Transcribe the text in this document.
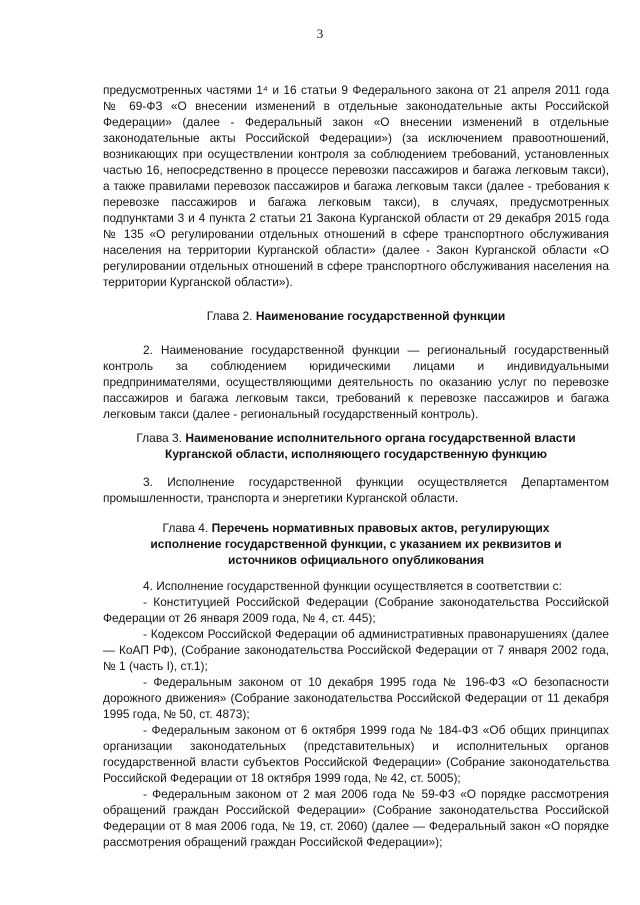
3

предусмотренных частями 1⁴ и 16 статьи 9 Федерального закона от 21 апреля 2011 года № 69-ФЗ «О внесении изменений в отдельные законодательные акты Российской Федерации» (далее - Федеральный закон «О внесении изменений в отдельные законодательные акты Российской Федерации») (за исключением правоотношений, возникающих при осуществлении контроля за соблюдением требований, установленных частью 16, непосредственно в процессе перевозки пассажиров и багажа легковым такси), а также правилами перевозок пассажиров и багажа легковым такси (далее - требования к перевозке пассажиров и багажа легковым такси), в случаях, предусмотренных подпунктами 3 и 4 пункта 2 статьи 21 Закона Курганской области от 29 декабря 2015 года № 135 «О регулировании отдельных отношений в сфере транспортного обслуживания населения на территории Курганской области» (далее - Закон Курганской области «О регулировании отдельных отношений в сфере транспортного обслуживания населения на территории Курганской области»).

Глава 2. Наименование государственной функции

2. Наименование государственной функции — региональный государственный контроль за соблюдением юридическими лицами и индивидуальными предпринимателями, осуществляющими деятельность по оказанию услуг по перевозке пассажиров и багажа легковым такси, требований к перевозке пассажиров и багажа легковым такси (далее - региональный государственный контроль).

Глава 3. Наименование исполнительного органа государственной власти
Курганской области, исполняющего государственную функцию

3. Исполнение государственной функции осуществляется Департаментом промышленности, транспорта и энергетики Курганской области.

Глава 4. Перечень нормативных правовых актов, регулирующих
исполнение государственной функции, с указанием их реквизитов и
источников официального опубликования

4. Исполнение государственной функции осуществляется в соответствии с:

- Конституцией Российской Федерации (Собрание законодательства Российской Федерации от 26 января 2009 года, № 4, ст. 445);

- Кодексом Российской Федерации об административных правонарушениях (далее — КоАП РФ), (Собрание законодательства Российской Федерации от 7 января 2002 года, № 1 (часть I), ст.1);

- Федеральным законом от 10 декабря 1995 года № 196-ФЗ «О безопасности дорожного движения» (Собрание законодательства Российской Федерации от 11 декабря 1995 года, № 50, ст. 4873);

- Федеральным законом от 6 октября 1999 года № 184-ФЗ «Об общих принципах организации законодательных (представительных) и исполнительных органов государственной власти субъектов Российской Федерации» (Собрание законодательства Российской Федерации от 18 октября 1999 года, № 42, ст. 5005);

- Федеральным законом от 2 мая 2006 года № 59-ФЗ «О порядке рассмотрения обращений граждан Российской Федерации» (Собрание законодательства Российской Федерации от 8 мая 2006 года, № 19, ст. 2060) (далее — Федеральный закон «О порядке рассмотрения обращений граждан Российской Федерации»);
